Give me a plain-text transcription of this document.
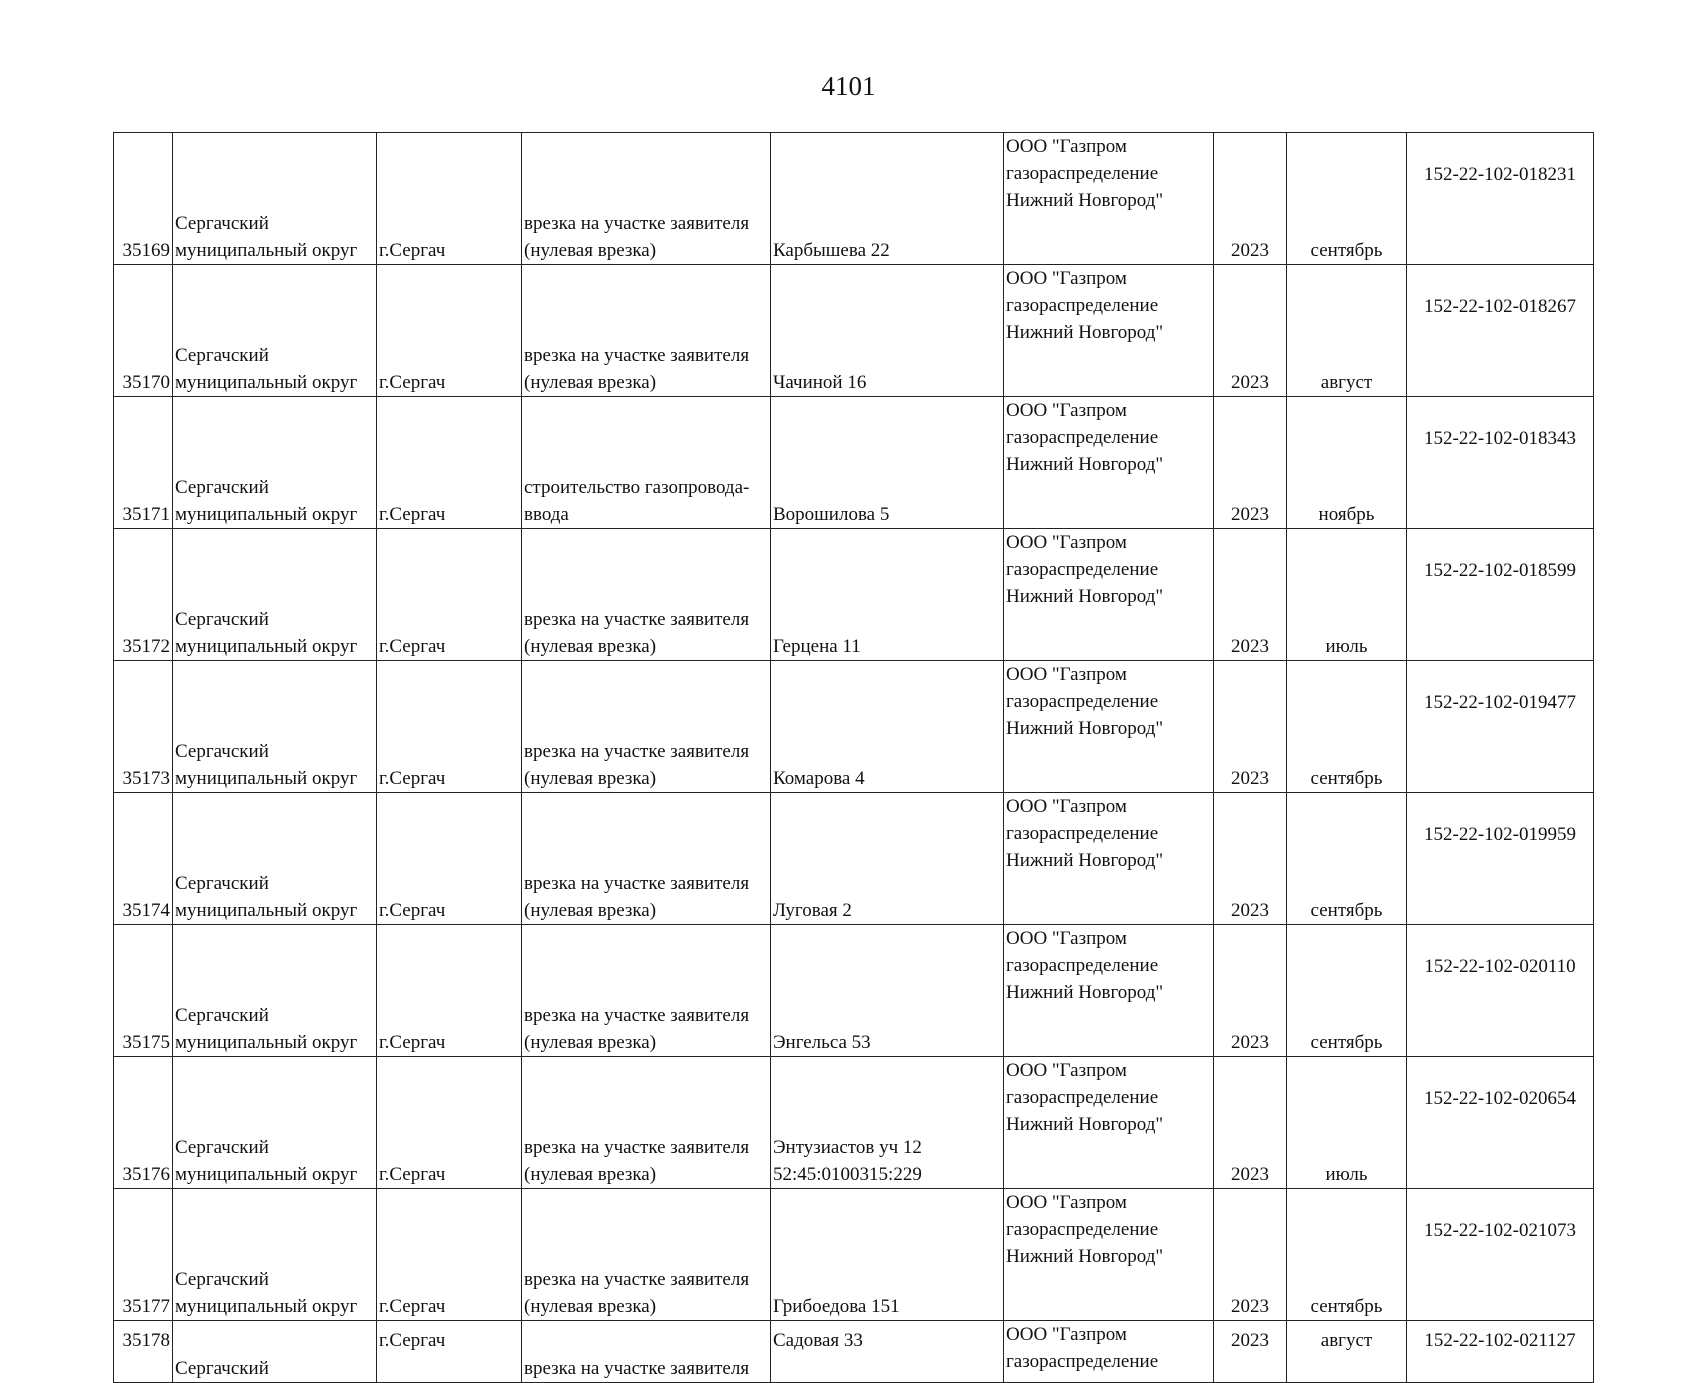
4101
35169	Сергачский
муниципальный округ	г.Сергач	врезка на участке заявителя
(нулевая врезка)	Карбышева 22	ООО "Газпром
газораспределение
Нижний Новгород"	2023	сентябрь	152-22-102-018231
35170	Сергачский
муниципальный округ	г.Сергач	врезка на участке заявителя
(нулевая врезка)	Чачиной 16	ООО "Газпром
газораспределение
Нижний Новгород"	2023	август	152-22-102-018267
35171	Сергачский
муниципальный округ	г.Сергач	строительство газопровода-
ввода	Ворошилова 5	ООО "Газпром
газораспределение
Нижний Новгород"	2023	ноябрь	152-22-102-018343
35172	Сергачский
муниципальный округ	г.Сергач	врезка на участке заявителя
(нулевая врезка)	Герцена 11	ООО "Газпром
газораспределение
Нижний Новгород"	2023	июль	152-22-102-018599
35173	Сергачский
муниципальный округ	г.Сергач	врезка на участке заявителя
(нулевая врезка)	Комарова 4	ООО "Газпром
газораспределение
Нижний Новгород"	2023	сентябрь	152-22-102-019477
35174	Сергачский
муниципальный округ	г.Сергач	врезка на участке заявителя
(нулевая врезка)	Луговая 2	ООО "Газпром
газораспределение
Нижний Новгород"	2023	сентябрь	152-22-102-019959
35175	Сергачский
муниципальный округ	г.Сергач	врезка на участке заявителя
(нулевая врезка)	Энгельса 53	ООО "Газпром
газораспределение
Нижний Новгород"	2023	сентябрь	152-22-102-020110
35176	Сергачский
муниципальный округ	г.Сергач	врезка на участке заявителя
(нулевая врезка)	Энтузиастов уч 12
52:45:0100315:229	ООО "Газпром
газораспределение
Нижний Новгород"	2023	июль	152-22-102-020654
35177	Сергачский
муниципальный округ	г.Сергач	врезка на участке заявителя
(нулевая врезка)	Грибоедова 151	ООО "Газпром
газораспределение
Нижний Новгород"	2023	сентябрь	152-22-102-021073
35178	Сергачский	г.Сергач	врезка на участке заявителя	Садовая 33	ООО "Газпром
газораспределение	2023	август	152-22-102-021127
